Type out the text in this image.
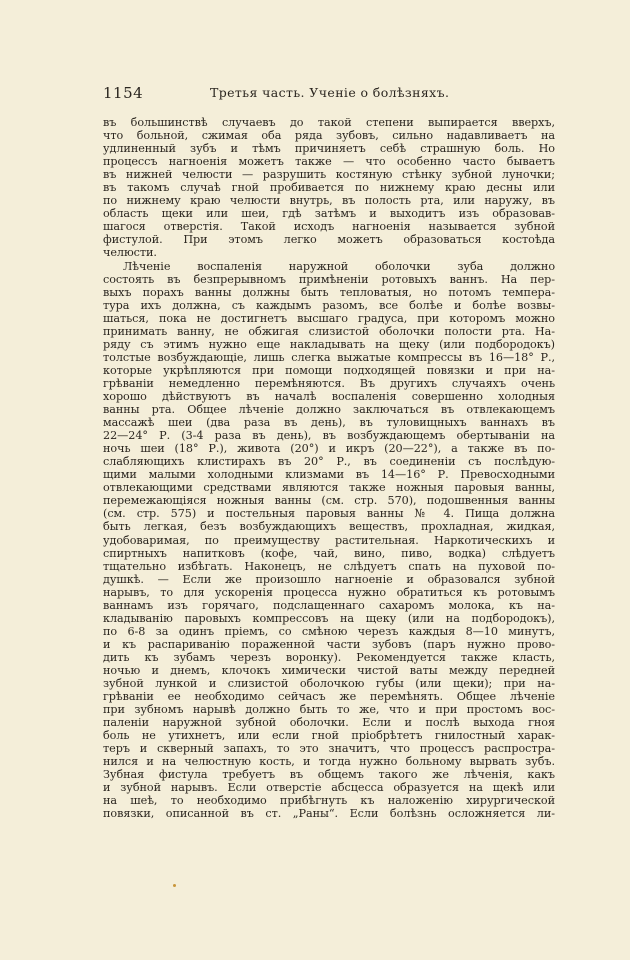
1154	Третья часть. Ученіе о болѣзняхъ.
въ большинствѣ случаевъ до такой степени выпирается вверхъ,
что больной, сжимая оба ряда зубовъ, сильно надавливаетъ на
удлиненный зубъ и тѣмъ причиняетъ себѣ страшную боль. Но
процессъ нагноенія можетъ также — что особенно часто бываетъ
въ нижней челюсти — разрушить костяную стѣнку зубной луночки;
въ такомъ случаѣ гной пробивается по нижнему краю десны или
по нижнему краю челюсти внутрь, въ полость рта, или наружу, въ
область щеки или шеи, гдѣ затѣмъ и выходитъ изъ образовав-
шагося отверстія. Такой исходъ нагноенія называется зубной
фистулой. При этомъ легко можетъ образоваться костоѣда
челюсти.
Лѣченіе воспаленія наружной оболочки зуба должно
состоять въ безпрерывномъ примѣненіи ротовыхъ ваннъ. На пер-
выхъ порахъ ванны должны быть тепловатыя, но потомъ темпера-
тура ихъ должна, съ каждымъ разомъ, все болѣе и болѣе возвы-
шаться, пока не достигнетъ высшаго градуса, при которомъ можно
принимать ванну, не обжигая слизистой оболочки полости рта. На-
ряду съ этимъ нужно еще накладывать на щеку (или подбородокъ)
толстые возбуждающіе, лишь слегка выжатые компрессы въ 16—18° Р.,
которые укрѣпляются при помощи подходящей повязки и при на-
грѣваніи немедленно перемѣняются. Въ другихъ случаяхъ очень
хорошо дѣйствуютъ въ началѣ воспаленія совершенно холодныя
ванны рта. Общее лѣченіе должно заключаться въ отвлекающемъ
массажѣ шеи (два раза въ день), въ туловищныхъ ваннахъ въ
22—24° Р. (3-4 раза въ день), въ возбуждающемъ обертываніи на
ночь шеи (18° Р.), живота (20°) и икръ (20—22°), а также въ по-
слабляющихъ клистирахъ въ 20° Р., въ соединеніи съ послѣдую-
щими малыми холодными клизмами въ 14—16° Р. Превосходными
отвлекающими средствами являются также ножныя паровыя ванны,
перемежающіяся ножныя ванны (см. стр. 570), подошвенныя ванны
(см. стр. 575) и постельныя паровыя ванны № 4. Пища должна
быть легкая, безъ возбуждающихъ веществъ, прохладная, жидкая,
удобоваримая, по преимуществу растительная. Наркотическихъ и
спиртныхъ напитковъ (кофе, чай, вино, пиво, водка) слѣдуетъ
тщательно избѣгать. Наконецъ, не слѣдуетъ спать на пуховой по-
душкѣ. — Если же произошло нагноеніе и образовался зубной
нарывъ, то для ускоренія процесса нужно обратиться къ ротовымъ
ваннамъ изъ горячаго, подслащеннаго сахаромъ молока, къ на-
кладыванію паровыхъ компрессовъ на щеку (или на подбородокъ),
по 6-8 за одинъ пріемъ, со смѣною черезъ каждыя 8—10 минутъ,
и къ распариванію пораженной части зубовъ (паръ нужно прово-
дить къ зубамъ черезъ воронку). Рекомендуется также класть,
ночью и днемъ, клочокъ химически чистой ваты между передней
зубной лункой и слизистой оболочкою губы (или щеки); при на-
грѣваніи ее необходимо сейчасъ же перемѣнять. Общее лѣченіе
при зубномъ нарывѣ должно быть то же, что и при простомъ вос-
паленіи наружной зубной оболочки. Если и послѣ выхода гноя
боль не утихнетъ, или если гной пріобрѣтетъ гнилостный харак-
теръ и скверный запахъ, то это значитъ, что процессъ распростра-
нился и на челюстную кость, и тогда нужно больному вырвать зубъ.
Зубная фистула требуетъ въ общемъ такого же лѣченія, какъ
и зубной нарывъ. Если отверстіе абсцесса образуется на щекѣ или
на шеѣ, то необходимо прибѣгнуть къ наложенію хирургической
повязки, описанной въ ст. „Раны“. Если болѣзнь осложняется ли-
